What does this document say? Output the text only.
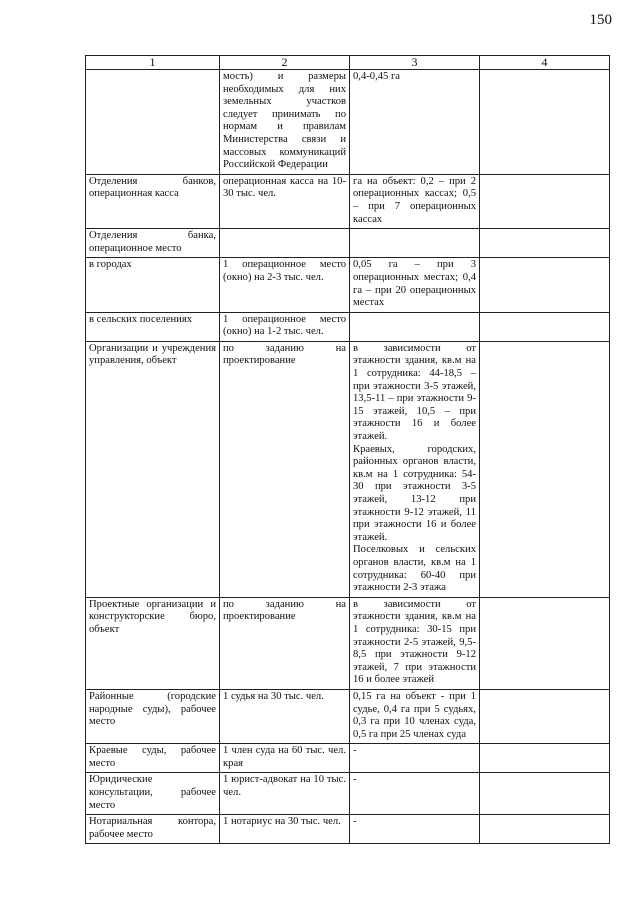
150
1	2	3	4
	мость) и размеры необходимых для них земельных участков следует принимать по нормам и правилам Министерства связи и массовых коммуникаций Российской Федерации	0,4-0,45 га	

Отделения банков, операционная касса	операционная касса на 10-30 тыс. чел.	га на объект: 0,2 – при 2 операционных кассах; 0,5 – при 7 операционных кассах	

Отделения банка, операционное место		

в городах	1 операционное место (окно) на 2-3 тыс. чел.	0,05 га – при 3 операционных местах; 0,4 га – при 20 операционных местах	

в сельских поселениях	1 операционное место (окно) на 1-2 тыс. чел.	

Организации и учреждения управления, объект	по заданию на проектирование	в зависимости от этажности здания, кв.м на 1 сотрудника: 44-18,5 – при этажности 3-5 этажей, 13,5-11 – при этажности 9-15 этажей, 10,5 – при этажности 16 и более этажей.
Краевых, городских, районных органов власти, кв.м на 1 сотрудника: 54-30 при этажности 3-5 этажей, 13-12 при этажности 9-12 этажей, 11 при этажности 16 и более этажей.
Поселковых и сельских органов власти, кв.м на 1 сотрудника: 60-40 при этажности 2-3 этажа	

Проектные организации и конструкторские бюро, объект	по заданию на проектирование	в зависимости от этажности здания, кв.м на 1 сотрудника: 30-15 при этажности 2-5 этажей, 9,5-8,5 при этажности 9-12 этажей, 7 при этажности 16 и более этажей	

Районные (городские народные суды), рабочее место	1 судья на 30 тыс. чел.	0,15 га на объект - при 1 судье, 0,4 га при 5 судьях, 0,3 га при 10 членах суда, 0,5 га при 25 членах суда	

Краевые суды, рабочее место	1 член суда на 60 тыс. чел. края	-	

Юридические консультации, рабочее место	1 юрист-адвокат на 10 тыс. чел.	-	

Нотариальная контора, рабочее место	1 нотариус на 30 тыс. чел.	-	
